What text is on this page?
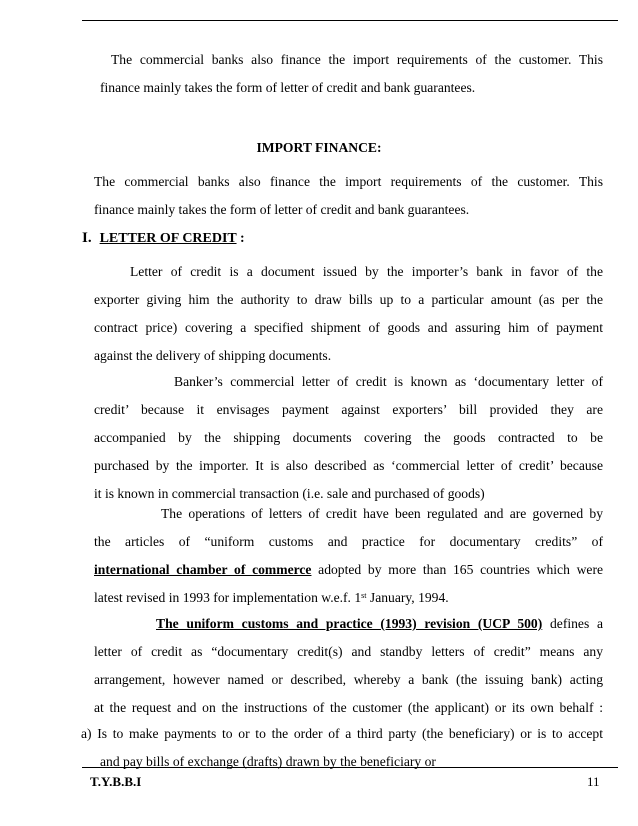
The commercial banks also finance the import requirements of the customer. This
finance mainly takes the form of letter of credit and bank guarantees.
IMPORT FINANCE:
The commercial banks also finance the import requirements of the customer. This
finance mainly takes the form of letter of credit and bank guarantees.
I. LETTER OF CREDIT :
Letter of credit is a document issued by the importer’s bank in favor of the
exporter giving him the authority to draw bills up to a particular amount (as per the
contract price) covering a specified shipment of goods and assuring him of payment
against the delivery of shipping documents.
Banker’s commercial letter of credit is known as ‘documentary letter of
credit’ because it envisages payment against exporters’ bill provided they are
accompanied by the shipping documents covering the goods contracted to be
purchased by the importer. It is also described as ‘commercial letter of credit’ because
it is known in commercial transaction (i.e. sale and purchased of goods)
The operations of letters of credit have been regulated and are governed by
the articles of “uniform customs and practice for documentary credits” of
international chamber of commerce adopted by more than 165 countries which were
latest revised in 1993 for implementation w.e.f. 1st January, 1994.
The uniform customs and practice (1993) revision (UCP 500) defines a
letter of credit as “documentary credit(s) and standby letters of credit” means any
arrangement, however named or described, whereby a bank (the issuing bank) acting
at the request and on the instructions of the customer (the applicant) or its own behalf :
a) Is to make payments to or to the order of a third party (the beneficiary) or is to accept
and pay bills of exchange (drafts) drawn by the beneficiary or
T.Y.B.B.I	11
